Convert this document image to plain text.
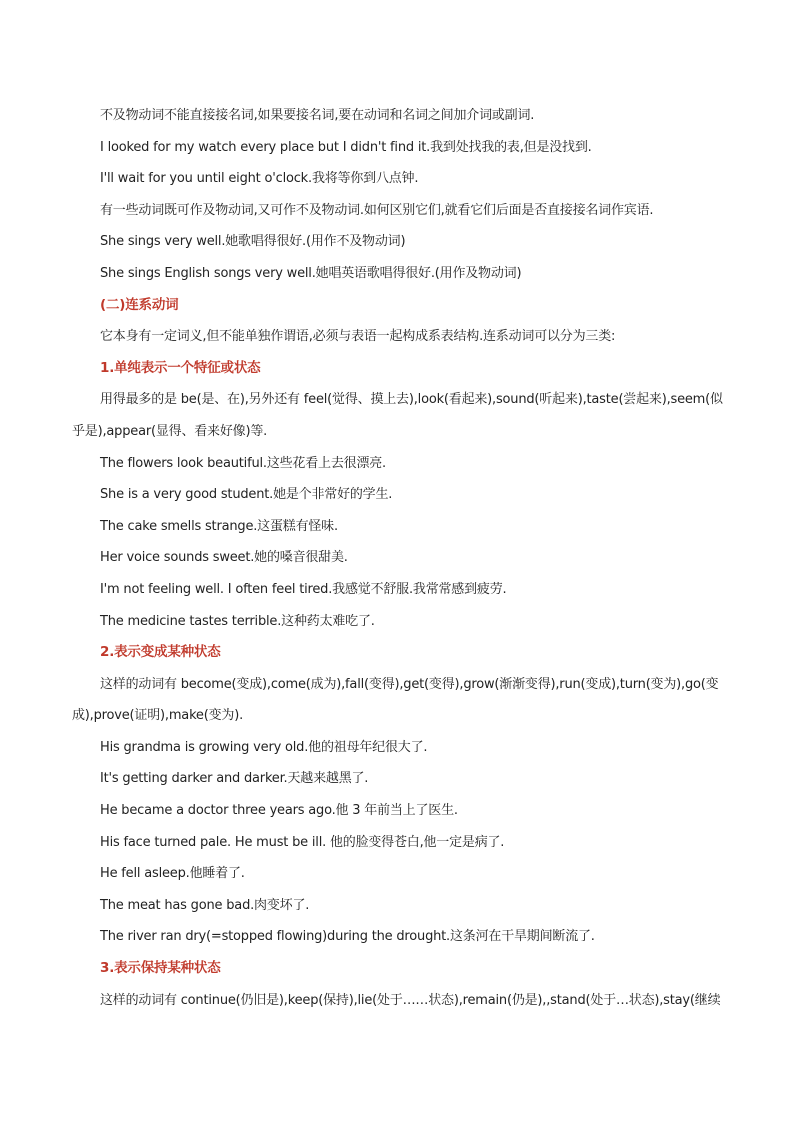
不及物动词不能直接接名词,如果要接名词,要在动词和名词之间加介词或副词.
I looked for my watch every place but I didn't find it.我到处找我的表,但是没找到.
I'll wait for you until eight o'clock.我将等你到八点钟.
有一些动词既可作及物动词,又可作不及物动词.如何区别它们,就看它们后面是否直接接名词作宾语.
She sings very well.她歌唱得很好.(用作不及物动词)
She sings English songs very well.她唱英语歌唱得很好.(用作及物动词)
(二)连系动词
它本身有一定词义,但不能单独作谓语,必须与表语一起构成系表结构.连系动词可以分为三类:
1.单纯表示一个特征或状态
用得最多的是 be(是、在),另外还有 feel(觉得、摸上去),look(看起来),sound(听起来),taste(尝起来),seem(似
乎是),appear(显得、看来好像)等.
The flowers look beautiful.这些花看上去很漂亮.
She is a very good student.她是个非常好的学生.
The cake smells strange.这蛋糕有怪味.
Her voice sounds sweet.她的嗓音很甜美.
I'm not feeling well. I often feel tired.我感觉不舒服.我常常感到疲劳.
The medicine tastes terrible.这种药太难吃了.
2.表示变成某种状态
这样的动词有 become(变成),come(成为),fall(变得),get(变得),grow(渐渐变得),run(变成),turn(变为),go(变
成),prove(证明),make(变为).
His grandma is growing very old.他的祖母年纪很大了.
It's getting darker and darker.天越来越黑了.
He became a doctor three years ago.他 3 年前当上了医生.
His face turned pale. He must be ill. 他的脸变得苍白,他一定是病了.
He fell asleep.他睡着了.
The meat has gone bad.肉变坏了.
The river ran dry(=stopped flowing)during the drought.这条河在干旱期间断流了.
3.表示保持某种状态
这样的动词有 continue(仍旧是),keep(保持),lie(处于……状态),remain(仍是),,stand(处于…状态),stay(继续
